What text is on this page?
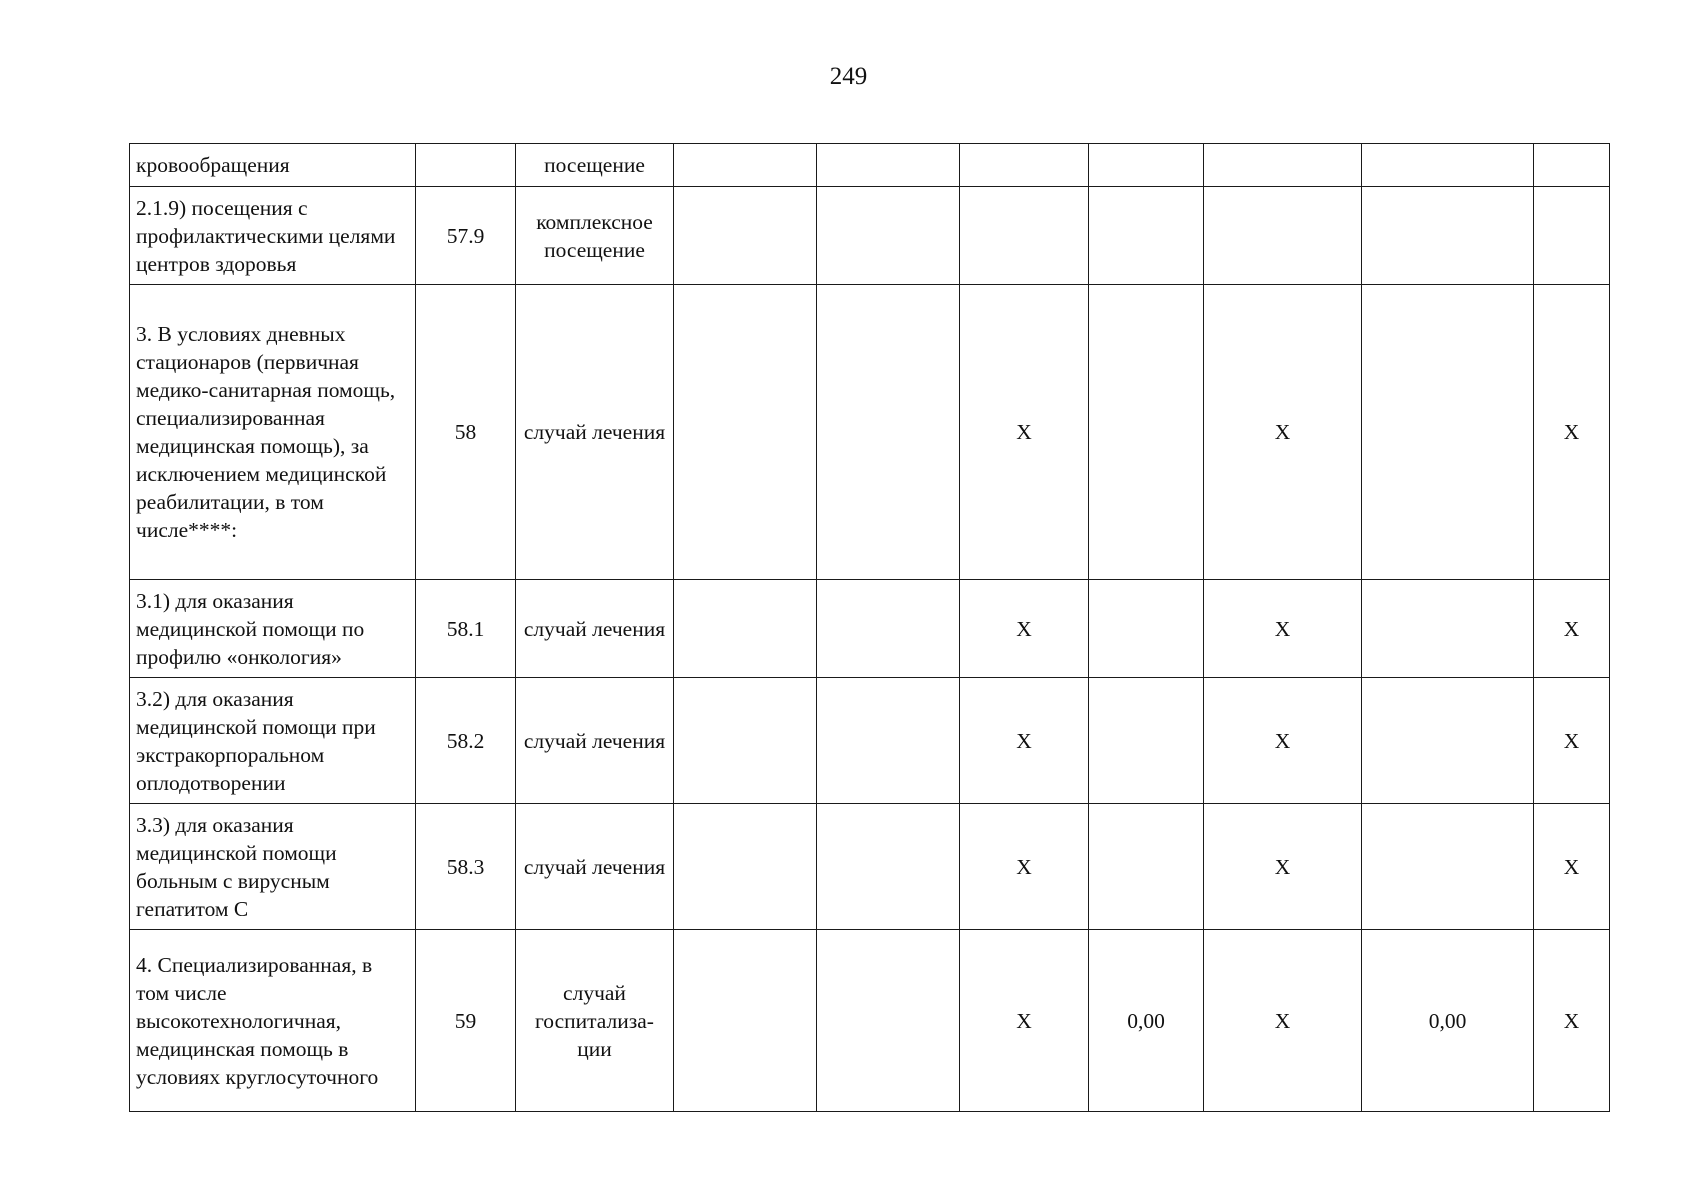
249
кровообращения		посещение							

2.1.9) посещения с профилактическими целями центров здоровья	57.9	комплексное посещение							

3. В условиях дневных стационаров (первичная медико-санитарная помощь, специализированная медицинская помощь), за исключением медицинской реабилитации, в том числе****:	58	случай лечения			X		X		X

3.1) для оказания медицинской помощи по профилю «онкология»	58.1	случай лечения			X		X		X

3.2) для оказания медицинской помощи при экстракорпоральном оплодотворении	58.2	случай лечения			X		X		X

3.3) для оказания медицинской помощи больным с вирусным гепатитом С	58.3	случай лечения			X		X		X

4. Специализированная, в том числе высокотехнологичная, медицинская помощь в условиях круглосуточного	59	случай госпитализа-ции			X	0,00	X	0,00	X
